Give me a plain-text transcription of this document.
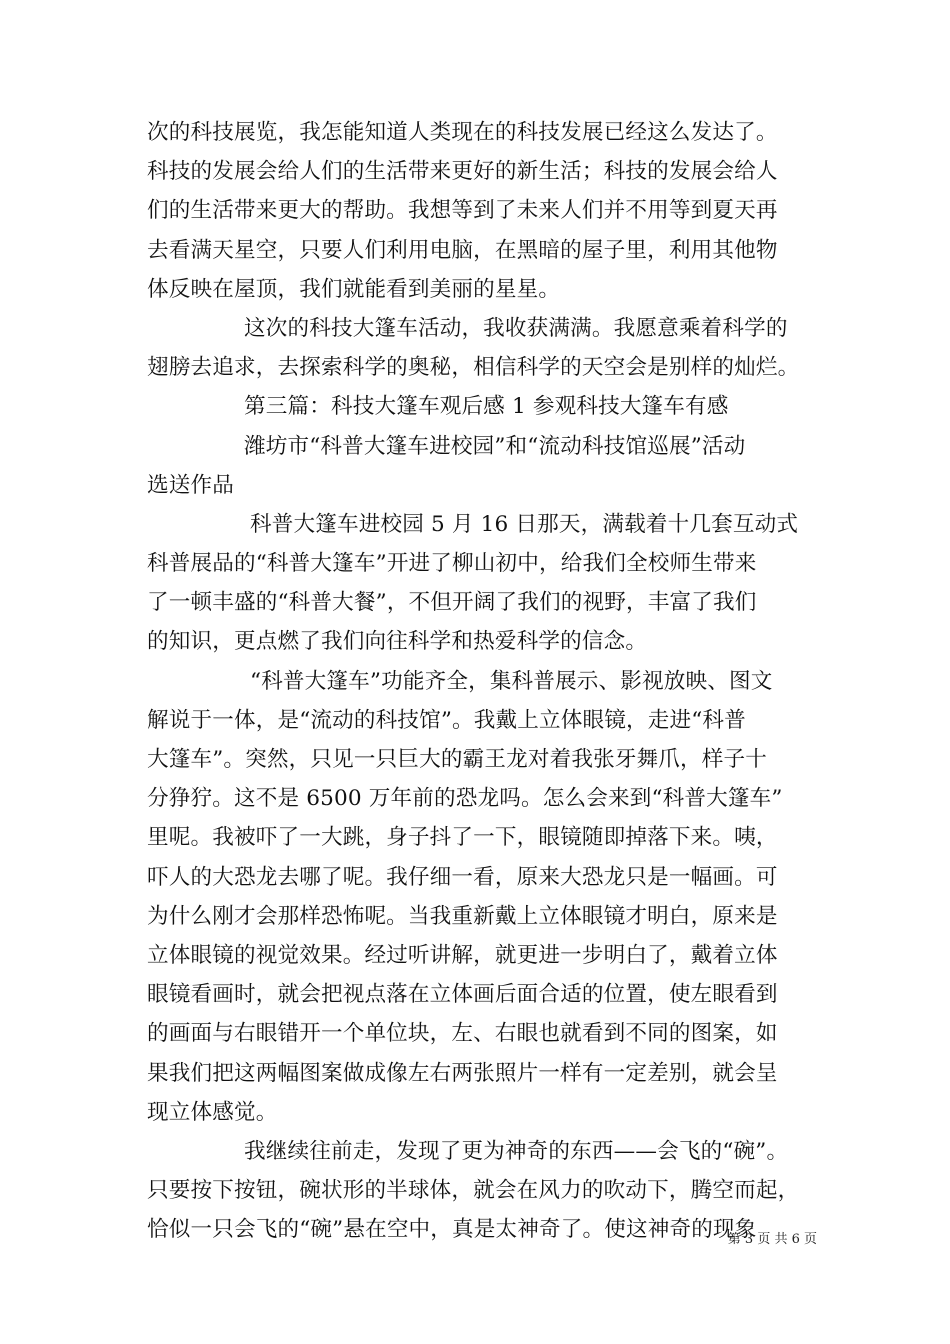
次的科技展览，我怎能知道人类现在的科技发展已经这么发达了。
科技的发展会给人们的生活带来更好的新生活；科技的发展会给人
们的生活带来更大的帮助。我想等到了未来人们并不用等到夏天再
去看满天星空，只要人们利用电脑，在黑暗的屋子里，利用其他物
体反映在屋顶，我们就能看到美丽的星星。
这次的科技大篷车活动，我收获满满。我愿意乘着科学的
翅膀去追求，去探索科学的奥秘，相信科学的天空会是别样的灿烂。
第三篇：科技大篷车观后感 1 参观科技大篷车有感
潍坊市“科普大篷车进校园”和“流动科技馆巡展”活动
选送作品
科普大篷车进校园 5 月 16 日那天，满载着十几套互动式
科普展品的“科普大篷车”开进了柳山初中，给我们全校师生带来
了一顿丰盛的“科普大餐”，不但开阔了我们的视野，丰富了我们
的知识，更点燃了我们向往科学和热爱科学的信念。
“科普大篷车”功能齐全，集科普展示、影视放映、图文
解说于一体，是“流动的科技馆”。我戴上立体眼镜，走进“科普
大篷车”。突然，只见一只巨大的霸王龙对着我张牙舞爪，样子十
分狰狞。这不是 6500 万年前的恐龙吗。怎么会来到“科普大篷车”
里呢。我被吓了一大跳，身子抖了一下，眼镜随即掉落下来。咦，
吓人的大恐龙去哪了呢。我仔细一看，原来大恐龙只是一幅画。可
为什么刚才会那样恐怖呢。当我重新戴上立体眼镜才明白，原来是
立体眼镜的视觉效果。经过听讲解，就更进一步明白了，戴着立体
眼镜看画时，就会把视点落在立体画后面合适的位置，使左眼看到
的画面与右眼错开一个单位块，左、右眼也就看到不同的图案，如
果我们把这两幅图案做成像左右两张照片一样有一定差别，就会呈
现立体感觉。
我继续往前走，发现了更为神奇的东西——会飞的“碗”。
只要按下按钮，碗状形的半球体，就会在风力的吹动下，腾空而起，
恰似一只会飞的“碗”悬在空中，真是太神奇了。使这神奇的现象
第 3 页 共 6 页
